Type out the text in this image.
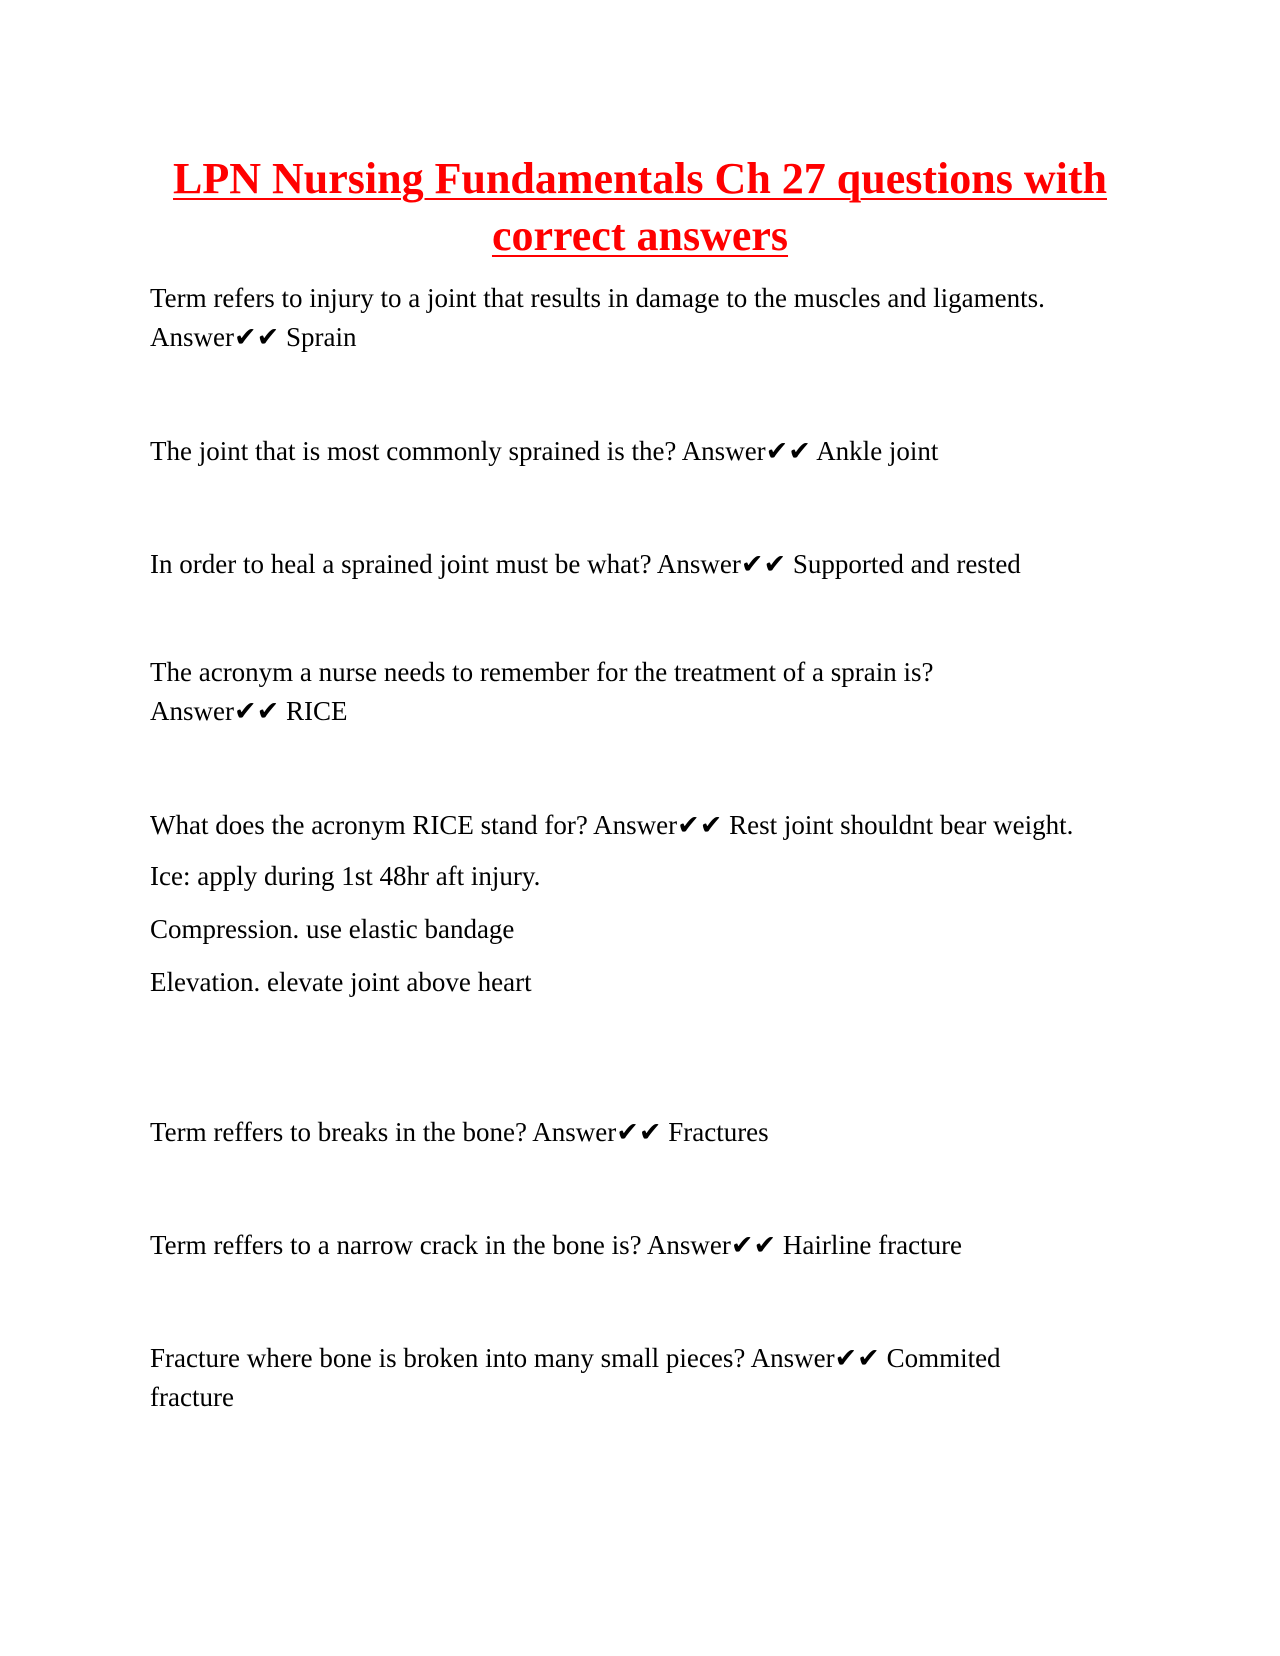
LPN Nursing Fundamentals Ch 27 questions with correct answers

Term refers to injury to a joint that results in damage to the muscles and ligaments.
Answer✔✔ Sprain

The joint that is most commonly sprained is the? Answer✔✔ Ankle joint

In order to heal a sprained joint must be what? Answer✔✔ Supported and rested

The acronym a nurse needs to remember for the treatment of a sprain is?
Answer✔✔ RICE

What does the acronym RICE stand for? Answer✔✔ Rest joint shouldnt bear weight.
Ice: apply during 1st 48hr aft injury.
Compression. use elastic bandage
Elevation. elevate joint above heart

Term reffers to breaks in the bone? Answer✔✔ Fractures

Term reffers to a narrow crack in the bone is? Answer✔✔ Hairline fracture

Fracture where bone is broken into many small pieces? Answer✔✔ Commited fracture
